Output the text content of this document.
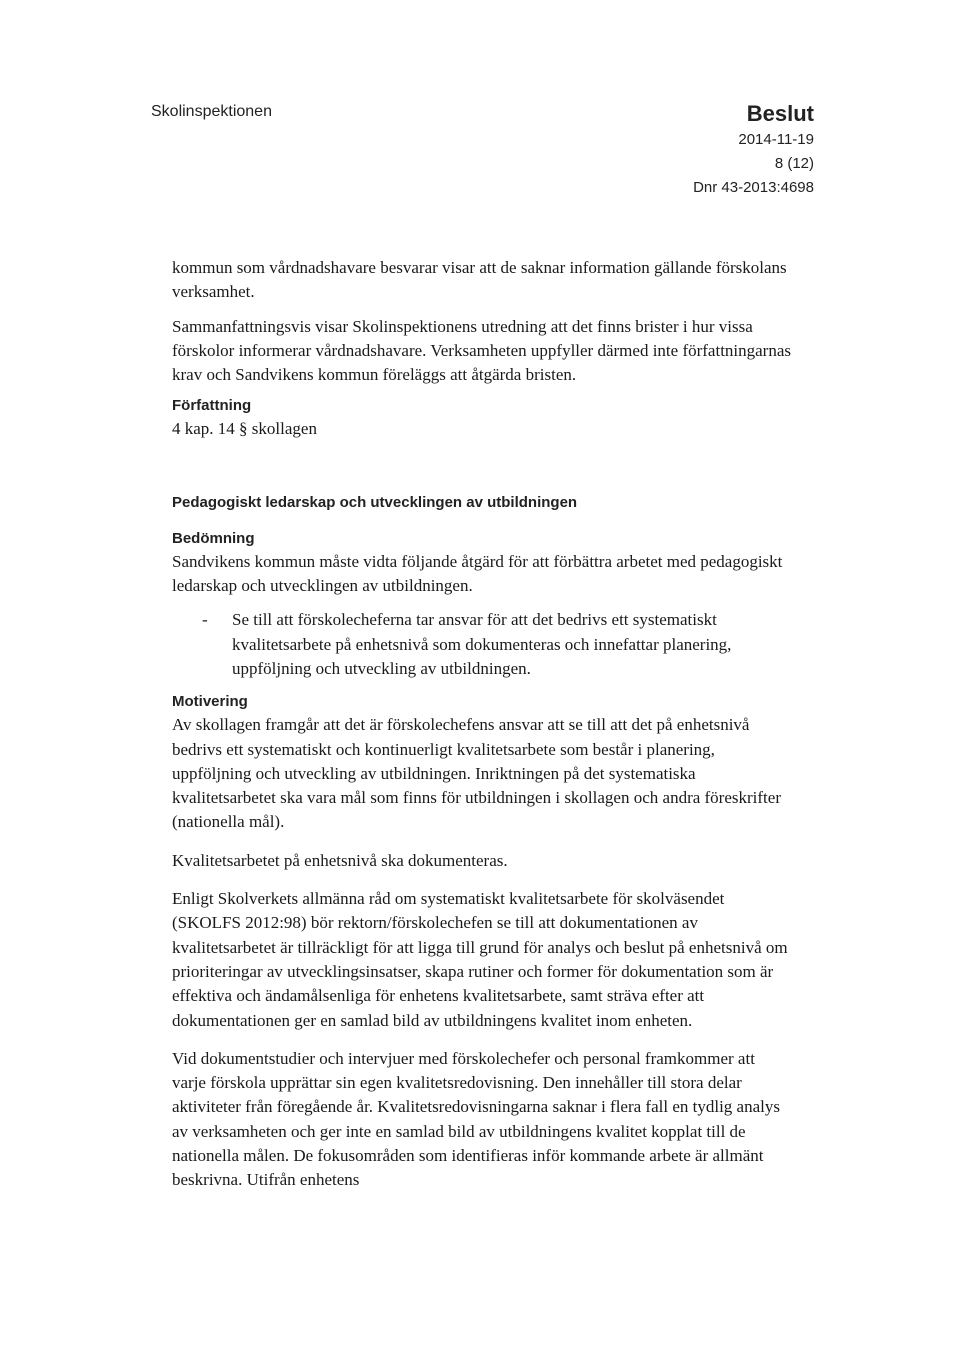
Skolinspektionen	Beslut
2014-11-19
8 (12)
Dnr 43-2013:4698

kommun som vårdnadshavare besvarar visar att de saknar information gällande förskolans verksamhet.

Sammanfattningsvis visar Skolinspektionens utredning att det finns brister i hur vissa förskolor informerar vårdnadshavare. Verksamheten uppfyller därmed inte författningarnas krav och Sandvikens kommun föreläggs att åtgärda bristen.

Författning

4 kap. 14 § skollagen

Pedagogiskt ledarskap och utvecklingen av utbildningen
Bedömning

Sandvikens kommun måste vidta följande åtgärd för att förbättra arbetet med pedagogiskt ledarskap och utvecklingen av utbildningen.

-	Se till att förskolecheferna tar ansvar för att det bedrivs ett systematiskt kvalitetsarbete på enhetsnivå som dokumenteras och innefattar planering, uppföljning och utveckling av utbildningen.
Motivering

Av skollagen framgår att det är förskolechefens ansvar att se till att det på enhetsnivå bedrivs ett systematiskt och kontinuerligt kvalitetsarbete som består i planering, uppföljning och utveckling av utbildningen. Inriktningen på det systematiska kvalitetsarbetet ska vara mål som finns för utbildningen i skollagen och andra föreskrifter (nationella mål).

Kvalitetsarbetet på enhetsnivå ska dokumenteras.

Enligt Skolverkets allmänna råd om systematiskt kvalitetsarbete för skolväsendet (SKOLFS 2012:98) bör rektorn/förskolechefen se till att dokumentationen av kvalitetsarbetet är tillräckligt för att ligga till grund för analys och beslut på enhetsnivå om prioriteringar av utvecklingsinsatser, skapa rutiner och former för dokumentation som är effektiva och ändamålsenliga för enhetens kvalitetsarbete, samt sträva efter att dokumentationen ger en samlad bild av utbildningens kvalitet inom enheten.

Vid dokumentstudier och intervjuer med förskolechefer och personal framkommer att varje förskola upprättar sin egen kvalitetsredovisning. Den innehåller till stora delar aktiviteter från föregående år. Kvalitetsredovisningarna saknar i flera fall en tydlig analys av verksamheten och ger inte en samlad bild av utbildningens kvalitet kopplat till de nationella målen. De fokusområden som identifieras inför kommande arbete är allmänt beskrivna. Utifrån enhetens
